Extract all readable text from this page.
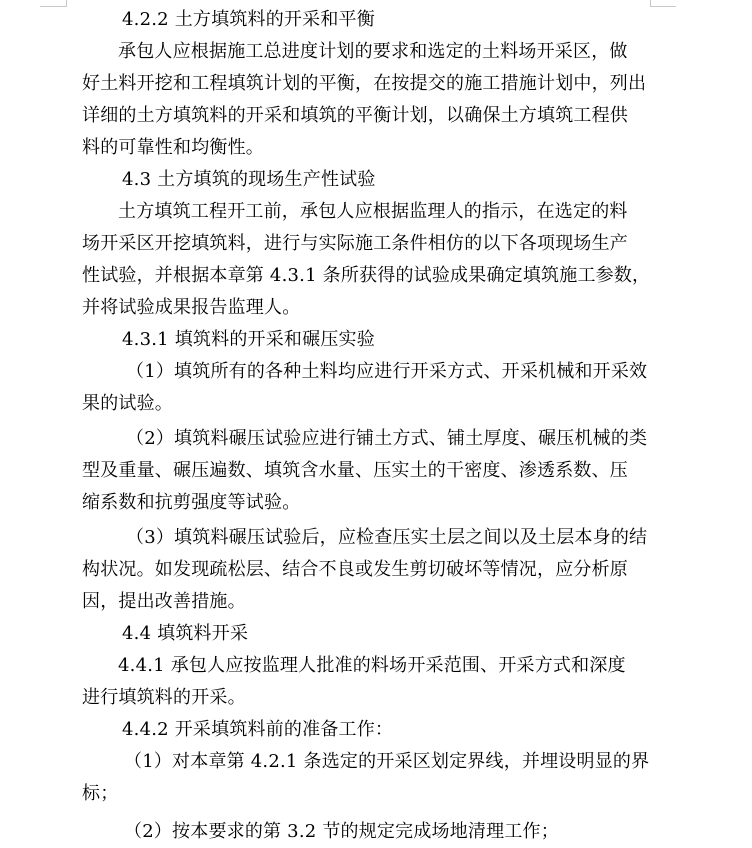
4.2.2 土方填筑料的开采和平衡

承包人应根据施工总进度计划的要求和选定的土料场开采区，做

好土料开挖和工程填筑计划的平衡，在按提交的施工措施计划中，列出

详细的土方填筑料的开采和填筑的平衡计划，以确保土方填筑工程供

料的可靠性和均衡性。

4.3 土方填筑的现场生产性试验

土方填筑工程开工前，承包人应根据监理人的指示，在选定的料

场开采区开挖填筑料，进行与实际施工条件相仿的以下各项现场生产

性试验，并根据本章第 4.3.1 条所获得的试验成果确定填筑施工参数，

并将试验成果报告监理人。

4.3.1 填筑料的开采和碾压实验

（1）填筑所有的各种土料均应进行开采方式、开采机械和开采效

果的试验。

（2）填筑料碾压试验应进行铺土方式、铺土厚度、碾压机械的类

型及重量、碾压遍数、填筑含水量、压实土的干密度、渗透系数、压

缩系数和抗剪强度等试验。

（3）填筑料碾压试验后，应检查压实土层之间以及土层本身的结

构状况。如发现疏松层、结合不良或发生剪切破坏等情况，应分析原

因，提出改善措施。

4.4 填筑料开采

4.4.1 承包人应按监理人批准的料场开采范围、开采方式和深度

进行填筑料的开采。

4.4.2 开采填筑料前的准备工作：

（1）对本章第 4.2.1 条选定的开采区划定界线，并埋设明显的界

标；

（2）按本要求的第 3.2 节的规定完成场地清理工作；
